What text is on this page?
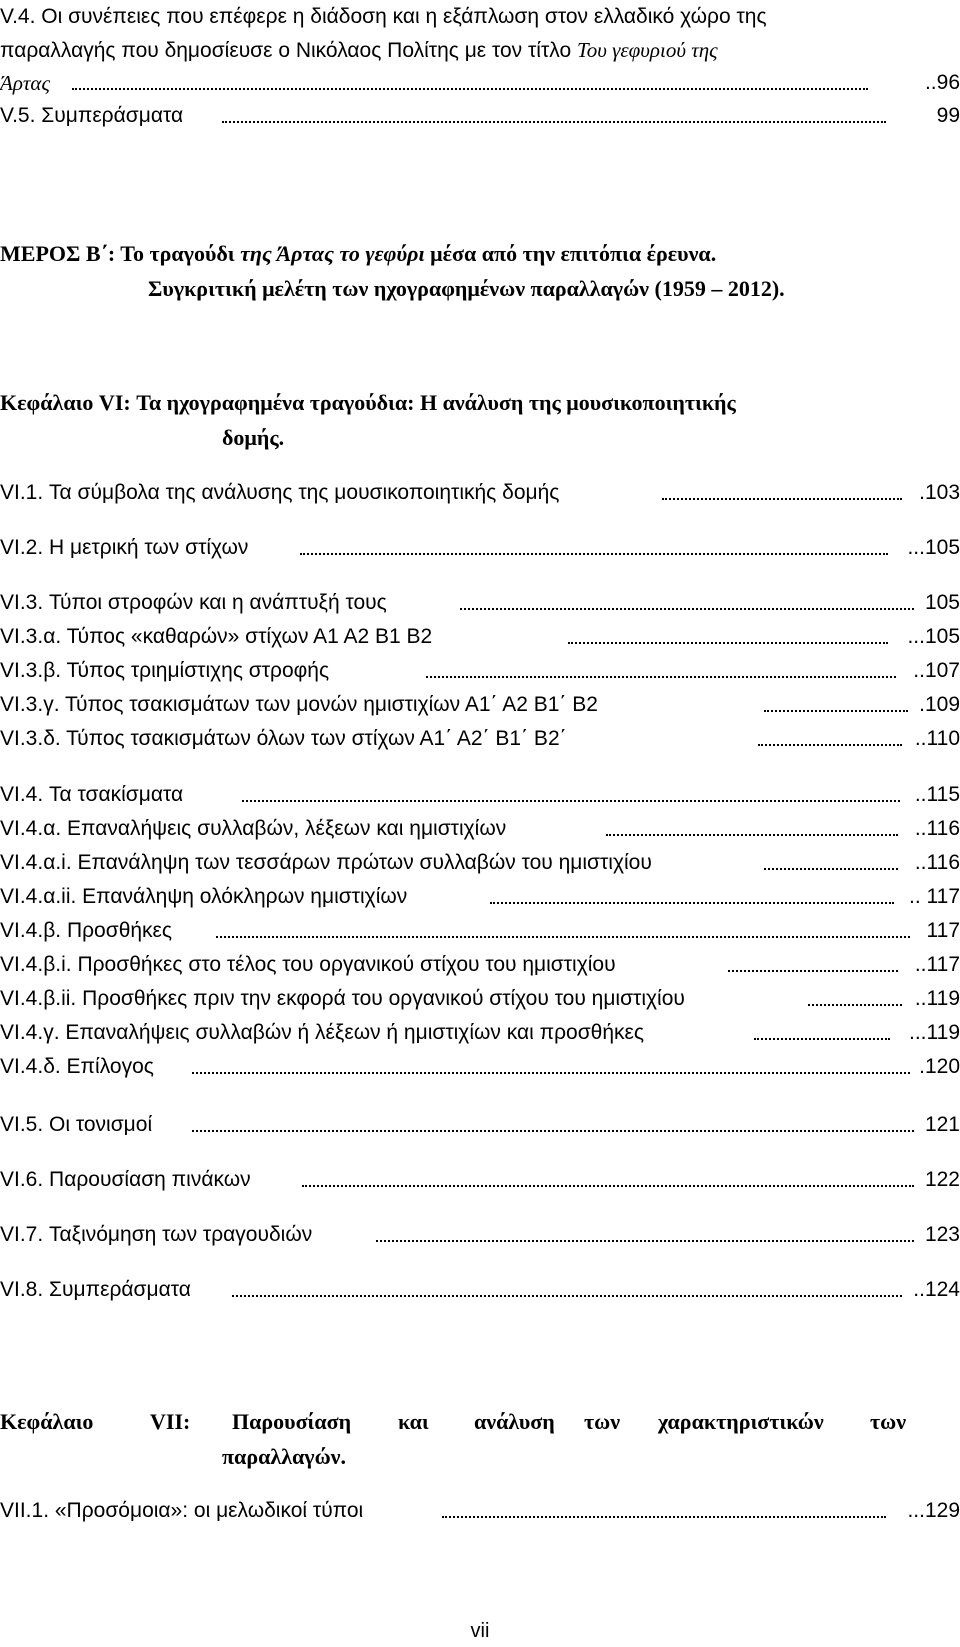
V.4. Οι συνέπειες που επέφερε η διάδοση και η εξάπλωση στον ελλαδικό χώρο της
παραλλαγής που δημοσίευσε ο Νικόλαος Πολίτης με τον τίτλο Του γεφυριού της
Άρτας	..96
V.5. Συμπεράσματα	99
ΜΕΡΟΣ Β΄: Το τραγούδι της Άρτας το γεφύρι μέσα από την επιτόπια έρευνα.
Συγκριτική μελέτη των ηχογραφημένων παραλλαγών (1959 – 2012).
Κεφάλαιο VI: Τα ηχογραφημένα τραγούδια: Η ανάλυση της μουσικοποιητικής
δομής.
VI.1. Τα σύμβολα της ανάλυσης της μουσικοποιητικής δομής	.103
VI.2. Η μετρική των στίχων	...105
VI.3. Τύποι στροφών και η ανάπτυξή τους	105
VI.3.α. Τύπος «καθαρών» στίχων Α1 Α2 Β1 Β2	...105
VI.3.β. Τύπος τριημίστιχης στροφής	..107
VI.3.γ. Τύπος τσακισμάτων των μονών ημιστιχίων Α1΄ Α2 Β1΄ Β2	.109
VI.3.δ. Τύπος τσακισμάτων όλων των στίχων Α1΄ Α2΄ Β1΄ Β2΄	..110
VI.4. Τα τσακίσματα	..115
VI.4.α. Επαναλήψεις συλλαβών, λέξεων και ημιστιχίων	..116
VI.4.α.i. Επανάληψη των τεσσάρων πρώτων συλλαβών του ημιστιχίου	..116
VI.4.α.ii. Επανάληψη ολόκληρων ημιστιχίων	.. 117
VI.4.β. Προσθήκες	117
VI.4.β.i. Προσθήκες στο τέλος του οργανικού στίχου του ημιστιχίου	..117
VI.4.β.ii. Προσθήκες πριν την εκφορά του οργανικού στίχου του ημιστιχίου	..119
VI.4.γ. Επαναλήψεις συλλαβών ή λέξεων ή ημιστιχίων και προσθήκες	...119
VI.4.δ. Επίλογος	.120
VI.5. Οι τονισμοί	121
VI.6. Παρουσίαση πινάκων	122
VI.7. Ταξινόμηση των τραγουδιών	123
VI.8. Συμπεράσματα	..124
Κεφάλαιο	VII: Παρουσίαση και ανάλυση των χαρακτηριστικών των
παραλλαγών.
VII.1. «Προσόμοια»: οι μελωδικοί τύποι	...129
vii
